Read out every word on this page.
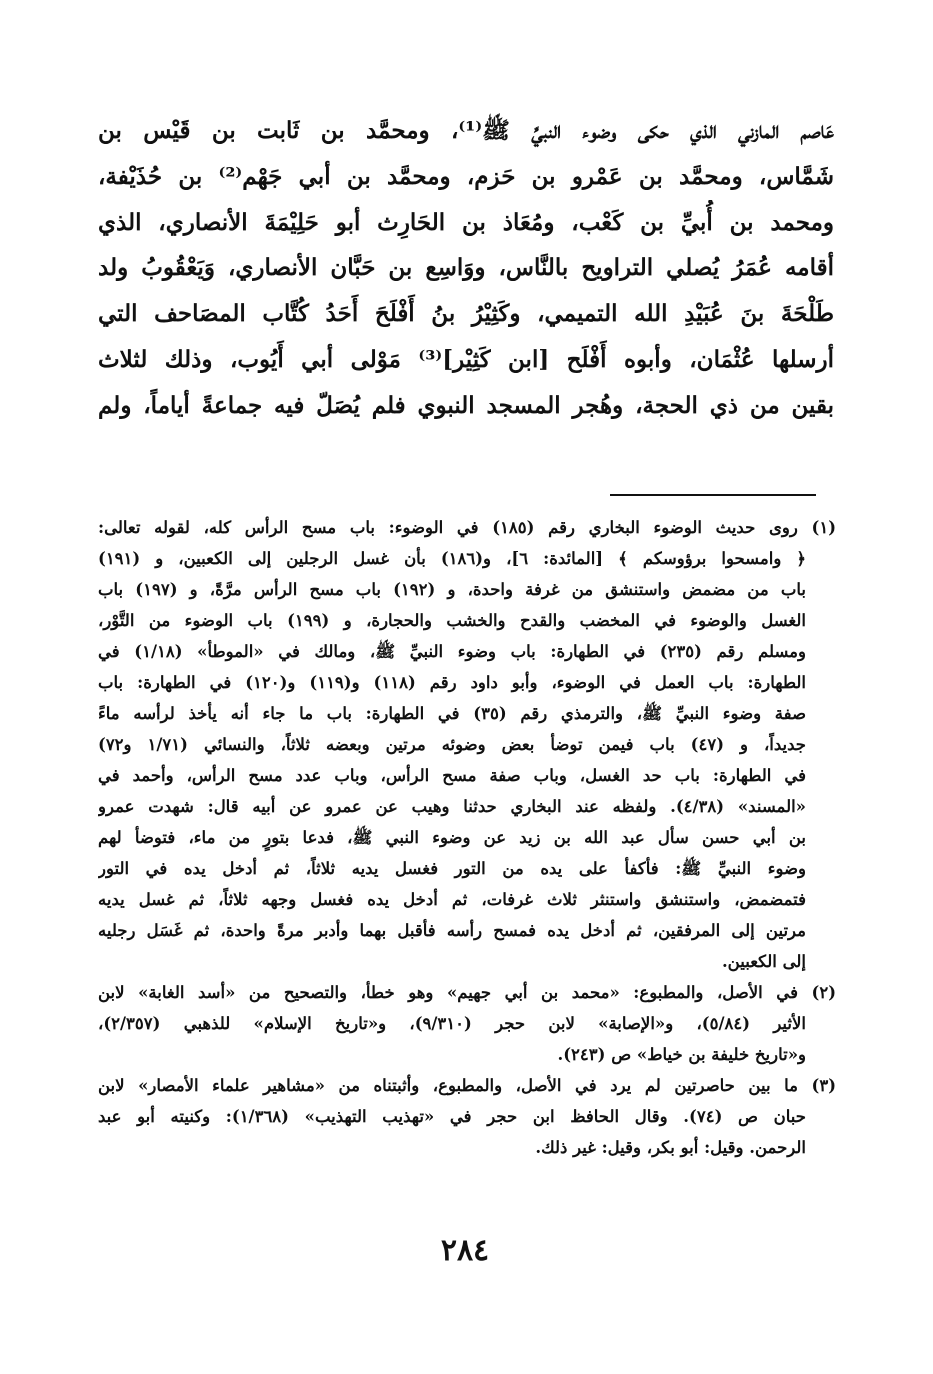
عَاصم المازني الذي حكى وضوء النبيِّ ﷺ⁽¹⁾، ومحمَّد بن ثَابت بن قَيْس بن
شَمَّاس، ومحمَّد بن عَمْرو بن حَزم، ومحمَّد بن أبي جَهْم⁽²⁾ بن حُذَيْفة،
ومحمد بن أُبيِّ بن كَعْب، ومُعَاذ بن الحَارِث أبو حَلِيْمَةَ الأنصاري، الذي
أقامه عُمَرُ يُصلي التراويح بالنَّاس، ووَاسِع بن حَبَّان الأنصاري، وَيَعْقُوبُ ولد
طَلْحَةَ بنَ عُبَيْدِ الله التميمي، وكَثِيْرُ بنُ أَفْلَحَ أَحَدُ كُتَّاب المصَاحف التي
أرسلها عُثْمَان، وأبوه أَفْلَح [ابن كَثِيْر]⁽³⁾ مَوْلى أبي أَيُوب، وذلك لثلاث
بقين من ذي الحجة، وهُجر المسجد النبوي فلم يُصَلّ فيه جماعةً أياماً، ولم
(١) روى حديث الوضوء البخاري رقم (١٨٥) في الوضوء: باب مسح الرأس كله، لقوله تعالى:
﴿ وامسحوا برؤوسكم ﴾ [المائدة: ٦]، و(١٨٦) بأن غسل الرجلين إلى الكعبين، و (١٩١)
باب من مضمض واستنشق من غرفة واحدة، و (١٩٢) باب مسح الرأس مرَّةً، و (١٩٧) باب
الغسل والوضوء في المخضب والقدح والخشب والحجارة، و (١٩٩) باب الوضوء من التَّوْر،
ومسلم رقم (٢٣٥) في الطهارة: باب وضوء النبيِّ ﷺ، ومالك في «الموطأ» (١/١٨) في
الطهارة: باب العمل في الوضوء، وأبو داود رقم (١١٨) و(١١٩) و(١٢٠) في الطهارة: باب
صفة وضوء النبيِّ ﷺ، والترمذي رقم (٣٥) في الطهارة: باب ما جاء أنه يأخذ لرأسه ماءً
جديداً، و (٤٧) باب فيمن توضأ بعض وضوئه مرتين وبعضه ثلاثاً، والنسائي (١/٧١ و٧٢)
في الطهارة: باب حد الغسل، وباب صفة مسح الرأس، وباب عدد مسح الرأس، وأحمد في
«المسند» (٤/٣٨). ولفظه عند البخاري حدثنا وهيب عن عمرو عن أبيه قال: شهدت عمرو
بن أبي حسن سأل عبد الله بن زيد عن وضوء النبي ﷺ، فدعا بتورٍ من ماء، فتوضأ لهم
وضوء النبيِّ ﷺ: فأكفأ على يده من التور فغسل يديه ثلاثاً، ثم أدخل يده في التور
فتمضمض، واستنشق واستنثر ثلاث غرفات، ثم أدخل يده فغسل وجهه ثلاثاً، ثم غسل يديه
مرتين إلى المرفقين، ثم أدخل يده فمسح رأسه فأقبل بهما وأدبر مرةً واحدة، ثم غَسَل رجليه
إلى الكعبين.
(٢) في الأصل، والمطبوع: «محمد بن أبي جهيم» وهو خطأ، والتصحيح من «أسد الغابة» لابن
الأثير (٥/٨٤)، و«الإصابة» لابن حجر (٩/٣١٠)، و«تاريخ الإسلام» للذهبي (٢/٣٥٧)،
و«تاريخ خليفة بن خياط» ص (٢٤٣).
(٣) ما بين حاصرتين لم يرد في الأصل، والمطبوع، وأثبتناه من «مشاهير علماء الأمصار» لابن
حبان ص (٧٤). وقال الحافظ ابن حجر في «تهذيب التهذيب» (١/٣٦٨): وكنيته أبو عبد
الرحمن. وقيل: أبو بكر، وقيل: غير ذلك.
٢٨٤
